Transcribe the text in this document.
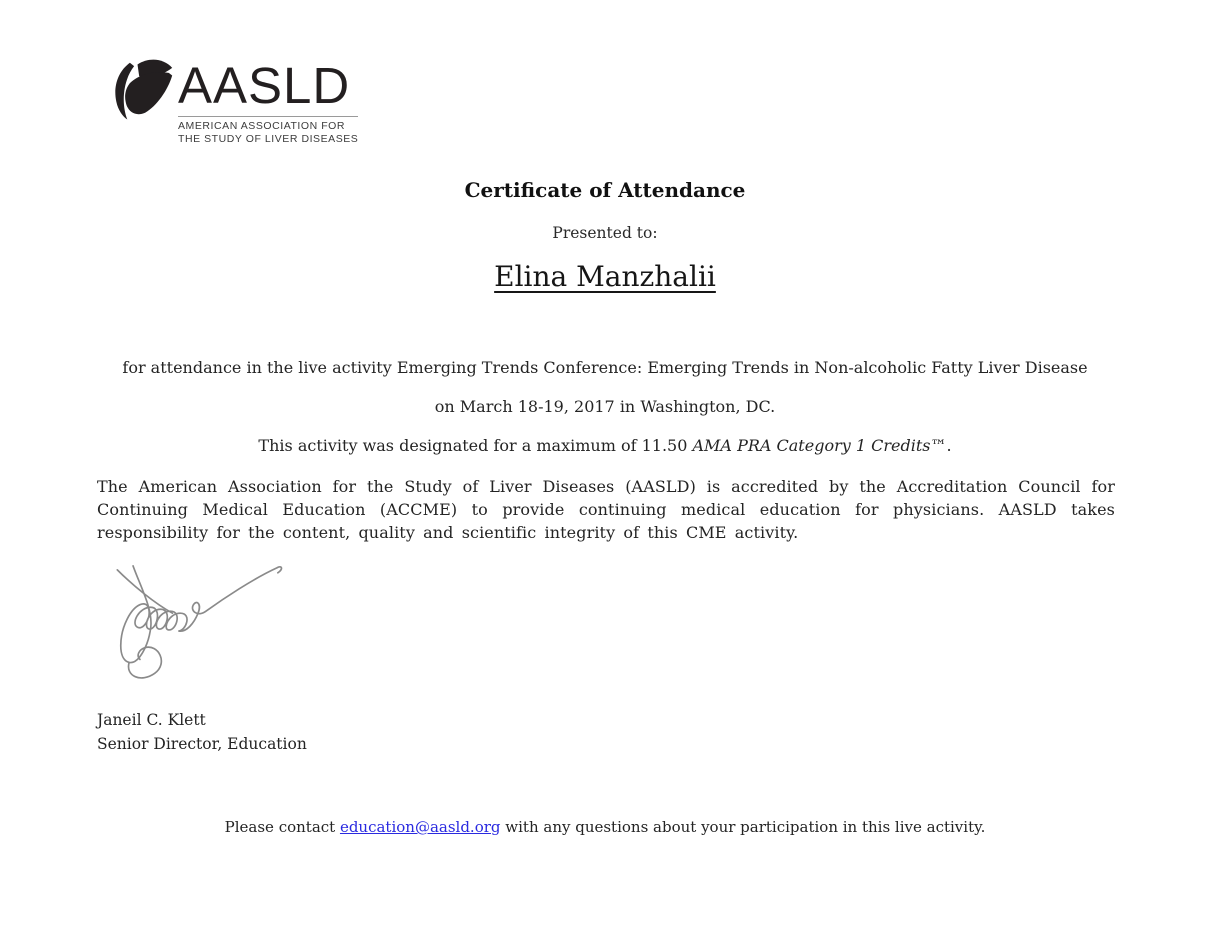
AASLD
AMERICAN ASSOCIATION FOR
THE STUDY OF LIVER DISEASES
Certificate of Attendance
Presented to:
Elina Manzhalii
for attendance in the live activity Emerging Trends Conference: Emerging Trends in Non-alcoholic Fatty Liver Disease
on March 18-19, 2017 in Washington, DC.
This activity was designated for a maximum of 11.50 AMA PRA Category 1 Credits™.
The American Association for the Study of Liver Diseases (AASLD) is accredited by the Accreditation Council for Continuing Medical Education (ACCME) to provide continuing medical education for physicians. AASLD takes responsibility for the content, quality and scientific integrity of this CME activity.
Janeil C. Klett
Senior Director, Education
Please contact education@aasld.org with any questions about your participation in this live activity.
